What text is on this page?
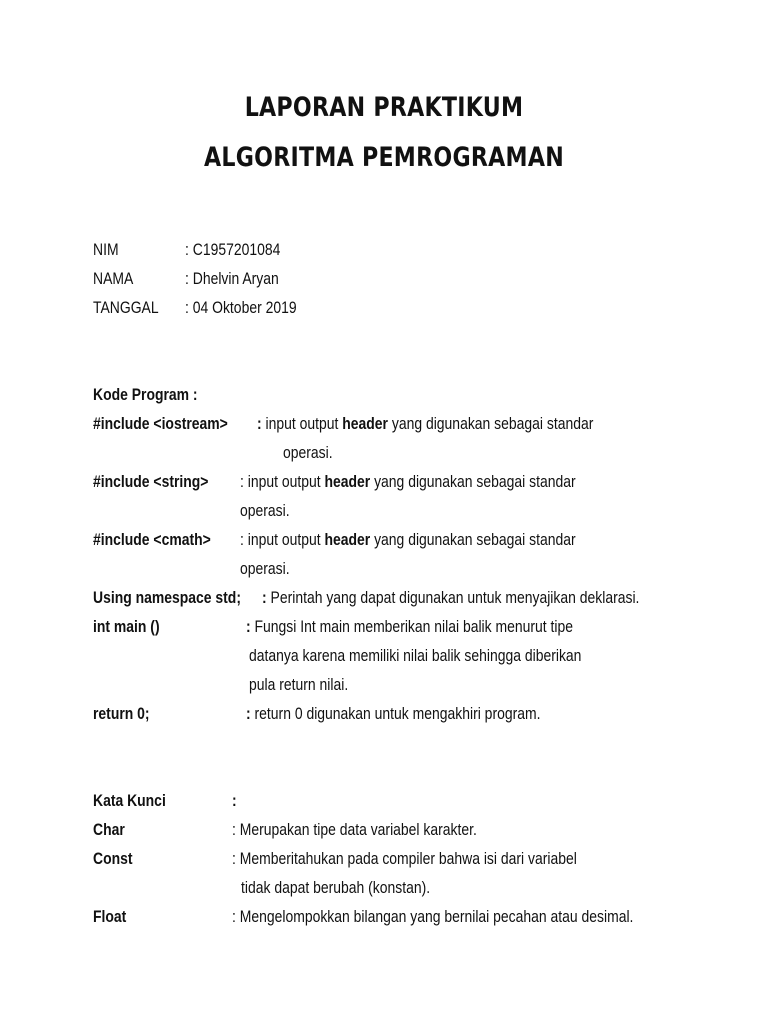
LAPORAN PRAKTIKUM
ALGORITMA PEMROGRAMAN
NIM	: C1957201084
NAMA	: Dhelvin Aryan
TANGGAL : 04 Oktober 2019
Kode Program :
#include <iostream> : input output header yang digunakan sebagai standar
operasi.
#include <string> : input output header yang digunakan sebagai standar
operasi.
#include <cmath> : input output header yang digunakan sebagai standar
operasi.
Using namespace std; : Perintah yang dapat digunakan untuk menyajikan deklarasi.
int main ()	: Fungsi Int main memberikan nilai balik menurut tipe
datanya karena memiliki nilai balik sehingga diberikan
pula return nilai.
return 0;	: return 0 digunakan untuk mengakhiri program.
Kata Kunci	:
Char	: Merupakan tipe data variabel karakter.
Const	: Memberitahukan pada compiler bahwa isi dari variabel
tidak dapat berubah (konstan).
Float	: Mengelompokkan bilangan yang bernilai pecahan atau desimal.
